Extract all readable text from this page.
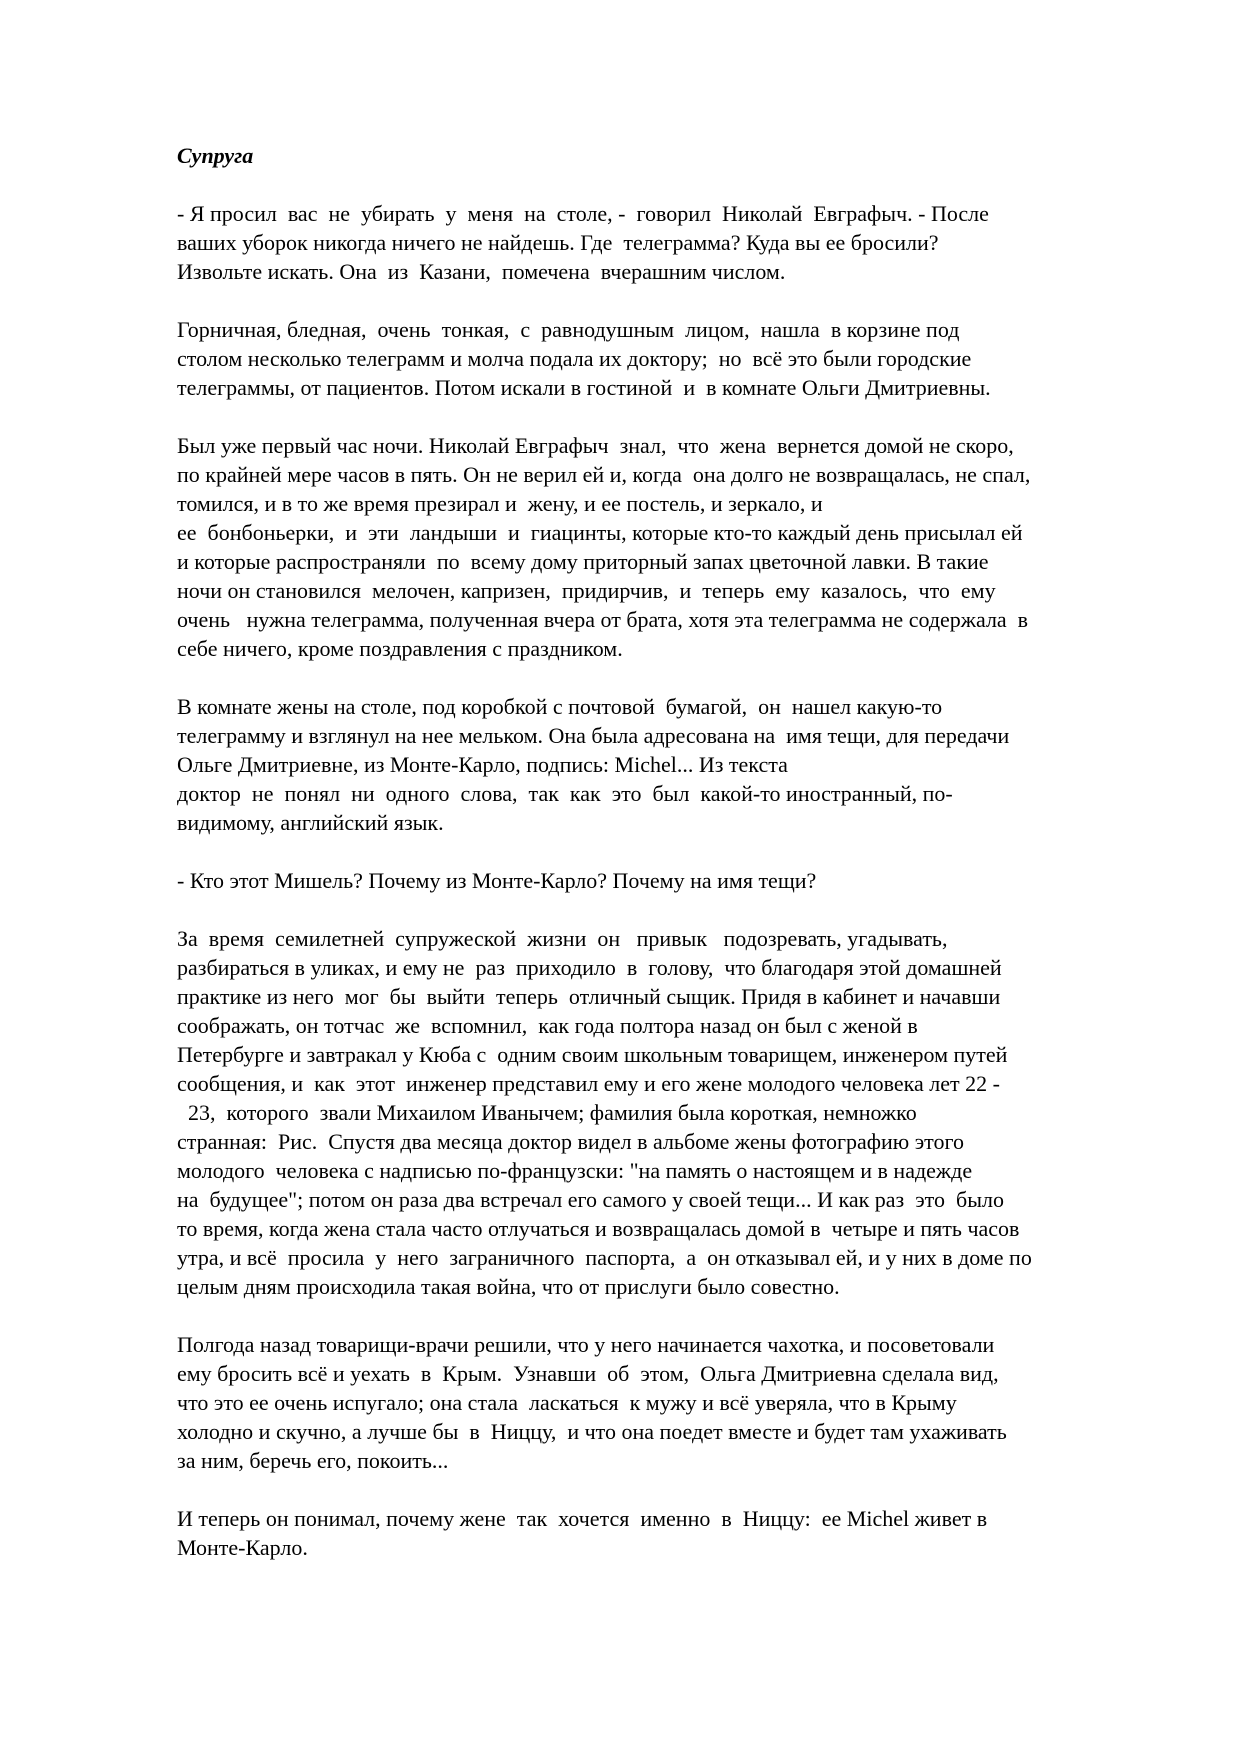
Супруга
- Я просил  вас  не  убирать  у  меня  на  столе, -  говорил  Николай  Евграфыч. - После
ваших уборок никогда ничего не найдешь. Где  телеграмма? Куда вы ее бросили?
Извольте искать. Она  из  Казани,  помечена  вчерашним числом.
Горничная, бледная,  очень  тонкая,  с  равнодушным  лицом,  нашла  в корзине под
столом несколько телеграмм и молча подала их доктору;  но  всё это были городские
телеграммы, от пациентов. Потом искали в гостиной  и  в комнате Ольги Дмитриевны.
Был уже первый час ночи. Николай Евграфыч  знал,  что  жена  вернется домой не скоро,
по крайней мере часов в пять. Он не верил ей и, когда  она долго не возвращалась, не спал,
томился, и в то же время презирал и  жену, и ее постель, и зеркало, и
ее  бонбоньерки,  и  эти  ландыши  и  гиацинты, которые кто-то каждый день присылал ей
и которые распространяли  по  всему дому приторный запах цветочной лавки. В такие
ночи он становился  мелочен, капризен,  придирчив,  и  теперь  ему  казалось,  что  ему
очень   нужна телеграмма, полученная вчера от брата, хотя эта телеграмма не содержала  в
себе ничего, кроме поздравления с праздником.
В комнате жены на столе, под коробкой с почтовой  бумагой,  он  нашел какую-то
телеграмму и взглянул на нее мельком. Она была адресована на  имя тещи, для передачи
Ольге Дмитриевне, из Монте-Карло, подпись: Michel... Из текста
доктор  не  понял  ни  одного  слова,  так  как  это  был  какой-то иностранный, по-
видимому, английский язык.
- Кто этот Мишель? Почему из Монте-Карло? Почему на имя тещи?
За  время  семилетней  супружеской  жизни  он   привык   подозревать, угадывать,
разбираться в уликах, и ему не  раз  приходило  в  голову,  что благодаря этой домашней
практике из него  мог  бы  выйти  теперь  отличный сыщик. Придя в кабинет и начавши
соображать, он тотчас  же  вспомнил,  как года полтора назад он был с женой в
Петербурге и завтракал у Кюба с  одним своим школьным товарищем, инженером путей
сообщения, и  как  этот  инженер представил ему и его жене молодого человека лет 22 -
23,  которого  звали Михаилом Иванычем; фамилия была короткая, немножко
странная:  Рис.  Спустя два месяца доктор видел в альбоме жены фотографию этого
молодого  человека с надписью по-французски: "на память о настоящем и в надежде
на  будущее"; потом он раза два встречал его самого у своей тещи... И как раз  это  было
то время, когда жена стала часто отлучаться и возвращалась домой в  четыре и пять часов
утра, и всё  просила  у  него  заграничного  паспорта,  а  он отказывал ей, и у них в доме по
целым дням происходила такая война, что от прислуги было совестно.
Полгода назад товарищи-врачи решили, что у него начинается чахотка, и посоветовали
ему бросить всё и уехать  в  Крым.  Узнавши  об  этом,  Ольга Дмитриевна сделала вид,
что это ее очень испугало; она стала  ласкаться  к мужу и всё уверяла, что в Крыму
холодно и скучно, а лучше бы  в  Ниццу,  и что она поедет вместе и будет там ухаживать
за ним, беречь его, покоить...
И теперь он понимал, почему жене  так  хочется  именно  в  Ниццу:  ее Michel живет в
Монте-Карло.
